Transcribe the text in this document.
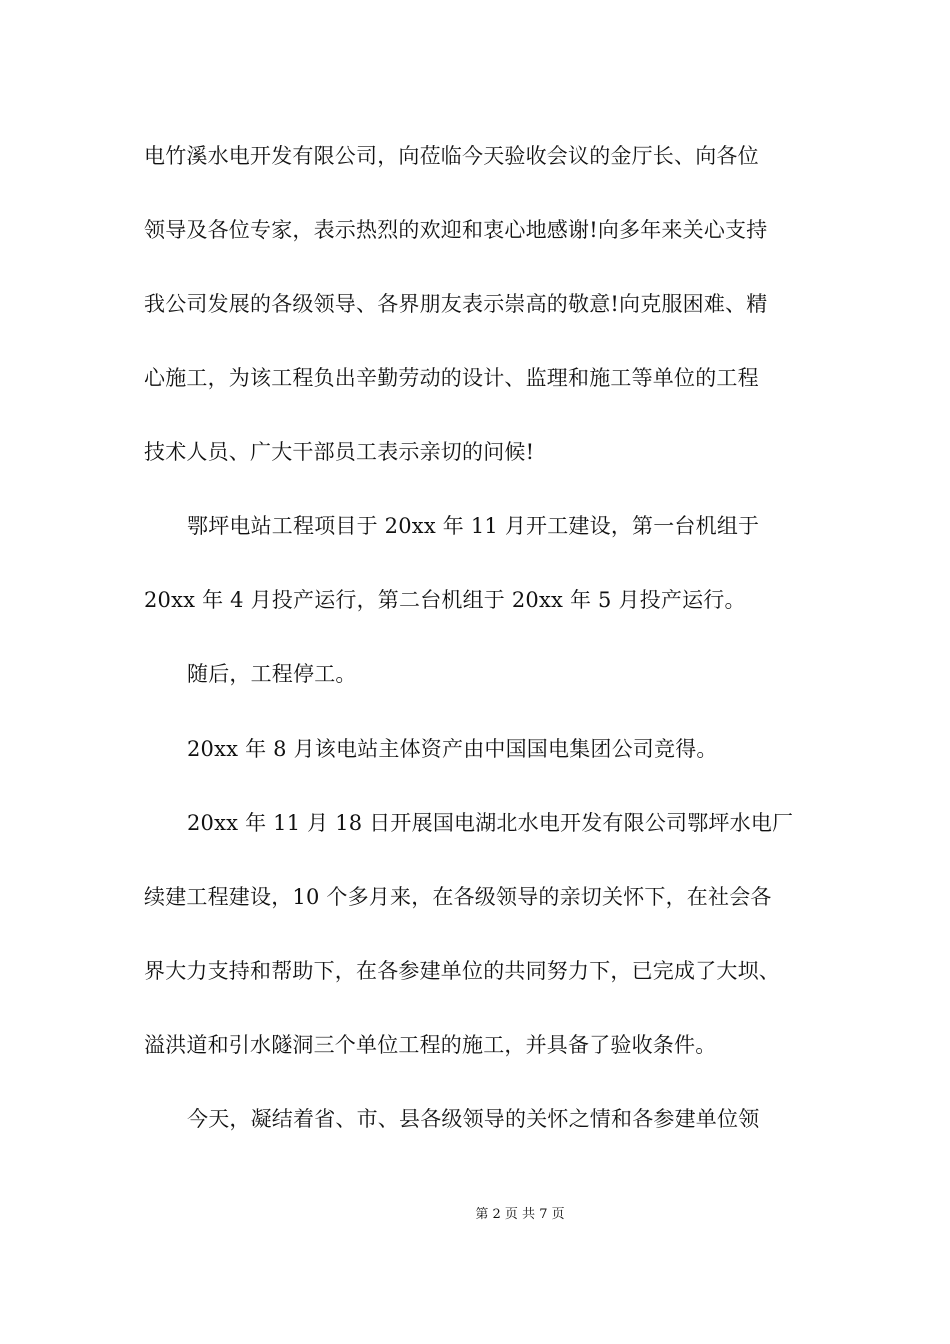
电竹溪水电开发有限公司，向莅临今天验收会议的金厅长、向各位
领导及各位专家，表示热烈的欢迎和衷心地感谢!向多年来关心支持
我公司发展的各级领导、各界朋友表示崇高的敬意!向克服困难、精
心施工，为该工程负出辛勤劳动的设计、监理和施工等单位的工程
技术人员、广大干部员工表示亲切的问候!
鄂坪电站工程项目于 20xx 年 11 月开工建设，第一台机组于
20xx 年 4 月投产运行，第二台机组于 20xx 年 5 月投产运行。
随后，工程停工。
20xx 年 8 月该电站主体资产由中国国电集团公司竞得。
20xx 年 11 月 18 日开展国电湖北水电开发有限公司鄂坪水电厂
续建工程建设，10 个多月来，在各级领导的亲切关怀下，在社会各
界大力支持和帮助下，在各参建单位的共同努力下，已完成了大坝、
溢洪道和引水隧洞三个单位工程的施工，并具备了验收条件。
今天，凝结着省、市、县各级领导的关怀之情和各参建单位领
第 2 页 共 7 页
